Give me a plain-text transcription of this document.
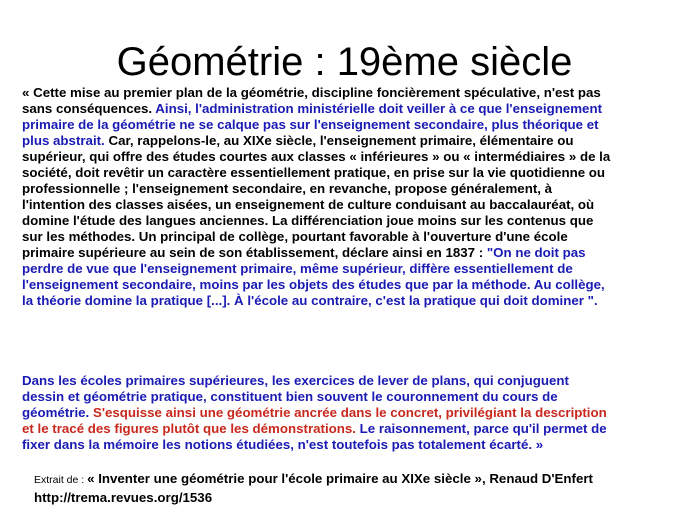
Géométrie : 19ème siècle
« Cette mise au premier plan de la géométrie, discipline foncièrement spéculative, n'est pas sans conséquences. Ainsi, l'administration ministérielle doit veiller à ce que l'enseignement primaire de la géométrie ne se calque pas sur l'enseignement secondaire, plus théorique et plus abstrait. Car, rappelons-le, au XIXe siècle, l'enseignement primaire, élémentaire ou supérieur, qui offre des études courtes aux classes « inférieures » ou « intermédiaires » de la société, doit revêtir un caractère essentiellement pratique, en prise sur la vie quotidienne ou professionnelle ; l'enseignement secondaire, en revanche, propose généralement, à l'intention des classes aisées, un enseignement de culture conduisant au baccalauréat, où domine l'étude des langues anciennes. La différenciation joue moins sur les contenus que sur les méthodes. Un principal de collège, pourtant favorable à l'ouverture d'une école primaire supérieure au sein de son établissement, déclare ainsi en 1837 : "On ne doit pas perdre de vue que l'enseignement primaire, même supérieur, diffère essentiellement de l'enseignement secondaire, moins par les objets des études que par la méthode. Au collège, la théorie domine la pratique [...]. À l'école au contraire, c'est la pratique qui doit dominer ".
Dans les écoles primaires supérieures, les exercices de lever de plans, qui conjuguent dessin et géométrie pratique, constituent bien souvent le couronnement du cours de géométrie. S'esquisse ainsi une géométrie ancrée dans le concret, privilégiant la description et le tracé des figures plutôt que les démonstrations. Le raisonnement, parce qu'il permet de fixer dans la mémoire les notions étudiées, n'est toutefois pas totalement écarté. »
Extrait de : « Inventer une géométrie pour l'école primaire au XIXe siècle », Renaud D'Enfert
http://trema.revues.org/1536
